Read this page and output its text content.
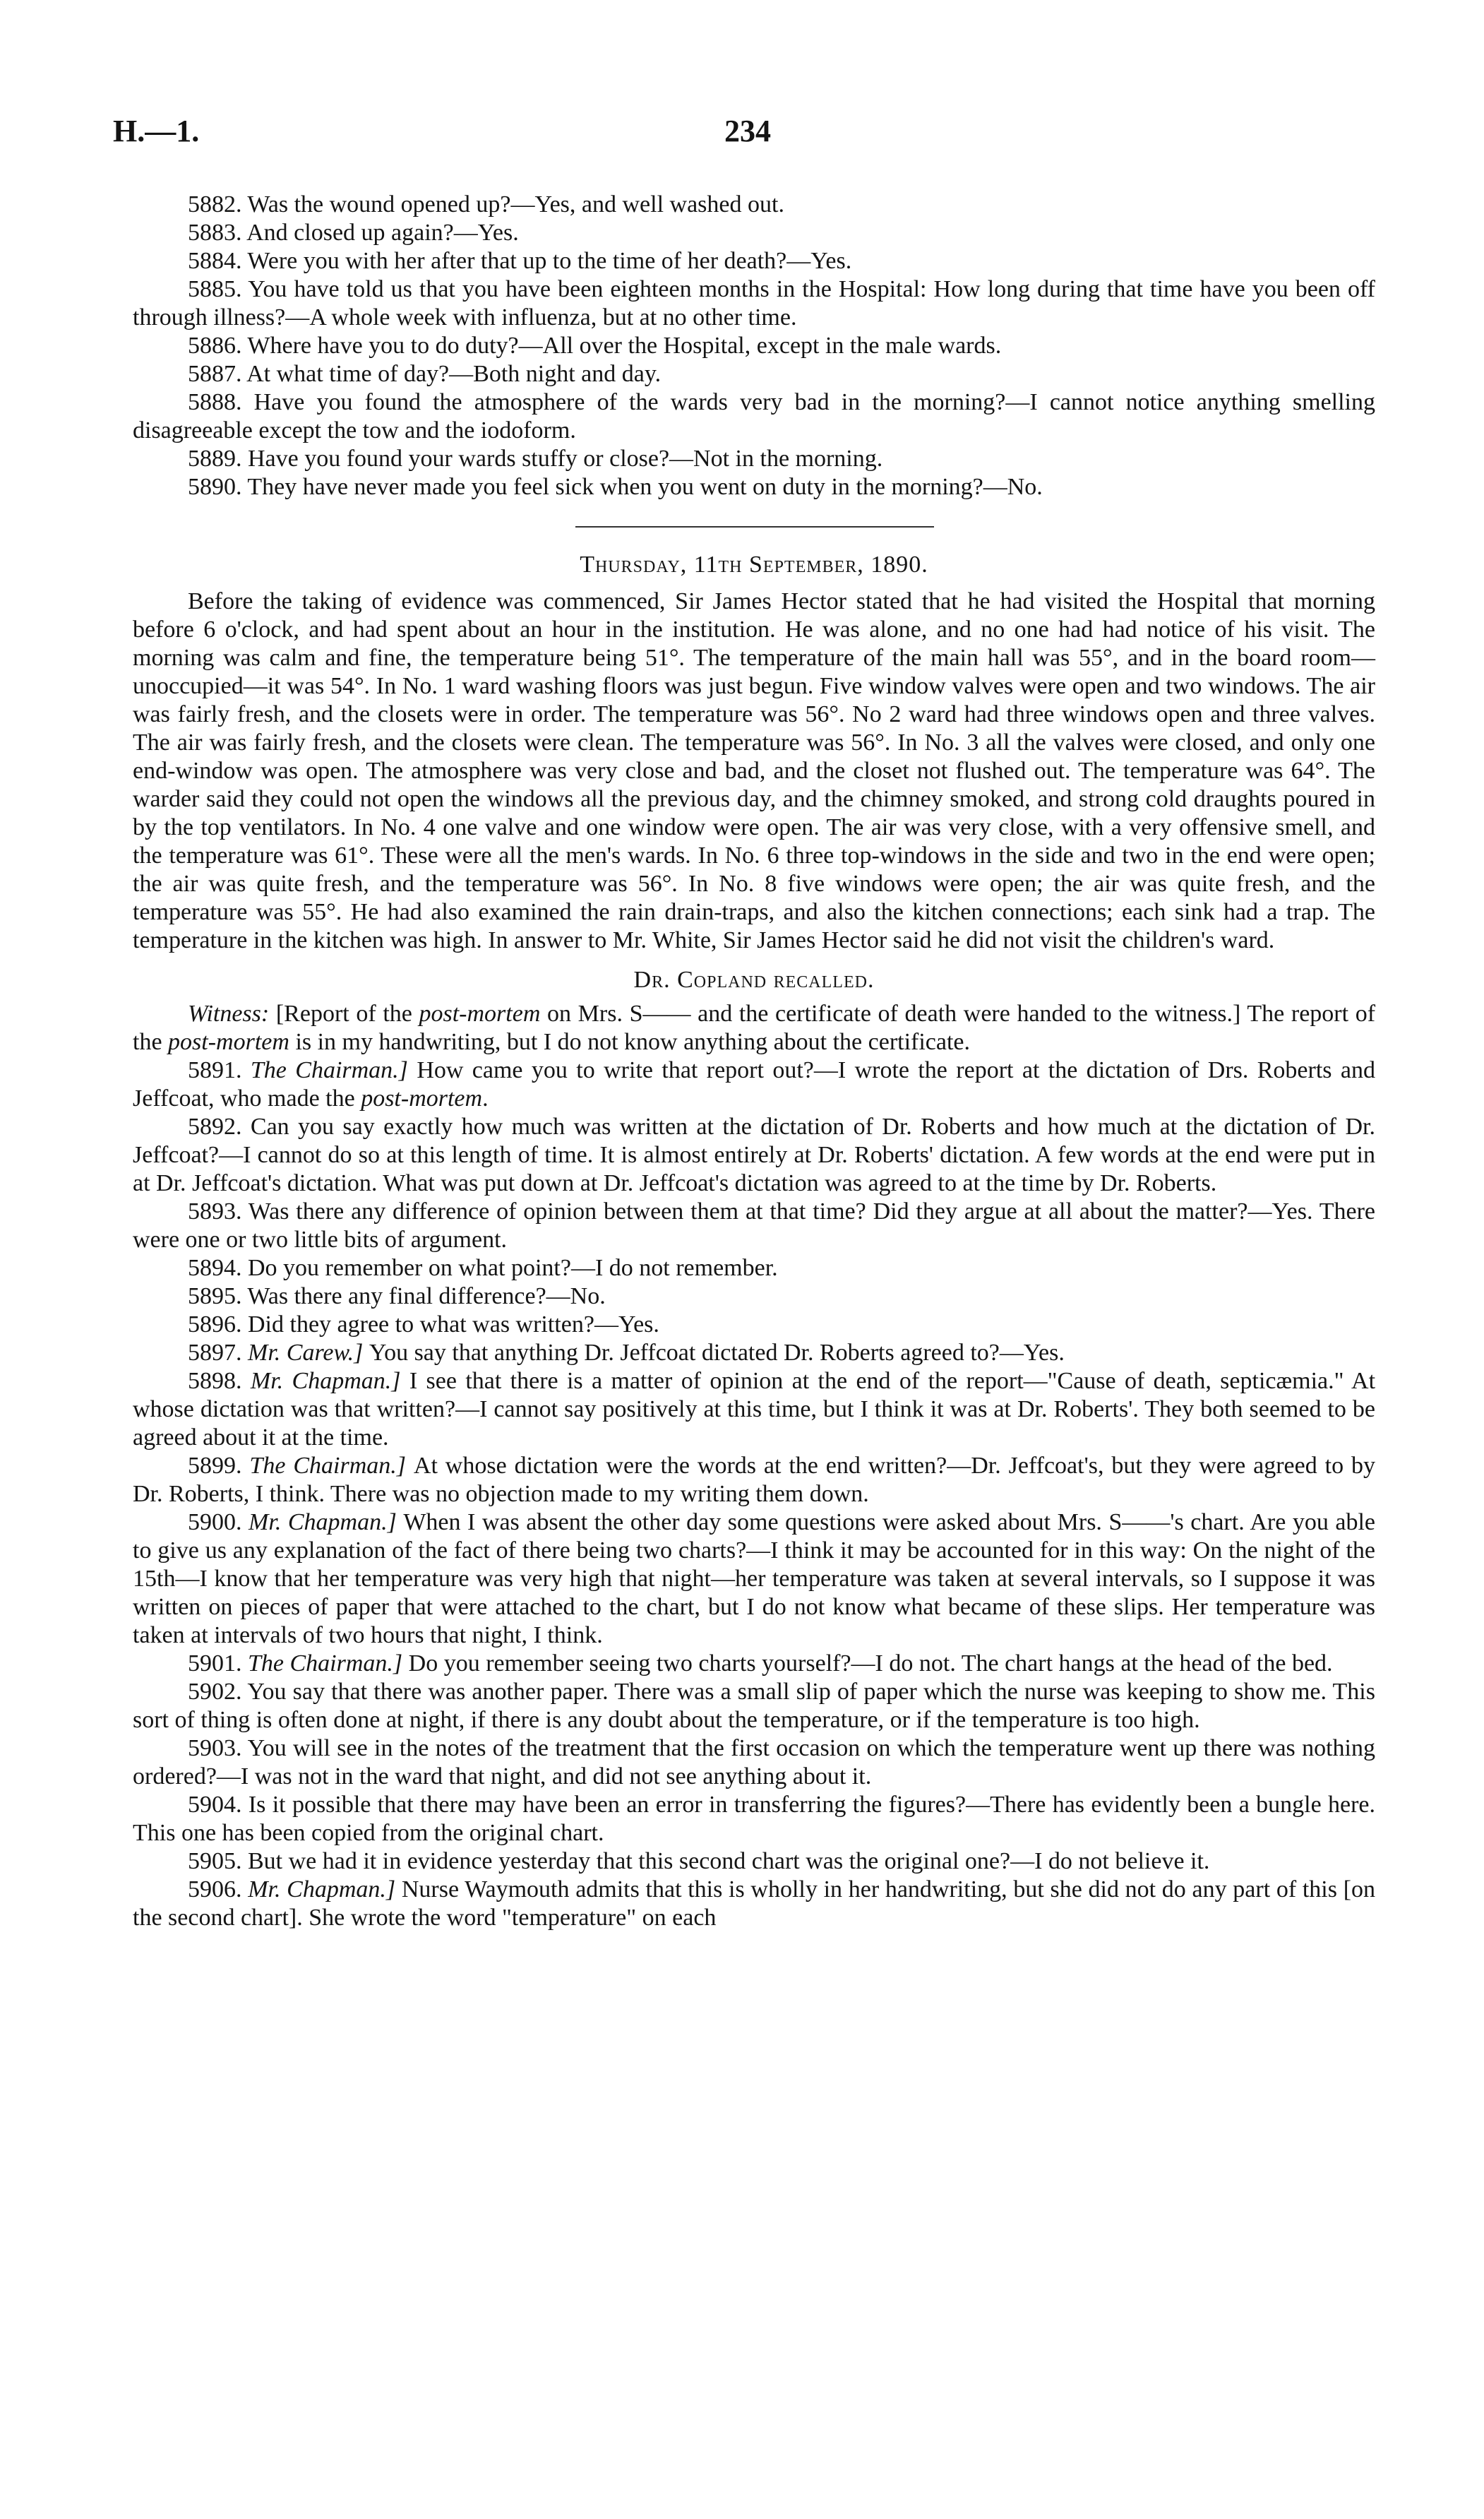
H.—1.	234

5882. Was the wound opened up?—Yes, and well washed out.

5883. And closed up again?—Yes.

5884. Were you with her after that up to the time of her death?—Yes.

5885. You have told us that you have been eighteen months in the Hospital: How long during that time have you been off through illness?—A whole week with influenza, but at no other time.

5886. Where have you to do duty?—All over the Hospital, except in the male wards.

5887. At what time of day?—Both night and day.

5888. Have you found the atmosphere of the wards very bad in the morning?—I cannot notice anything smelling disagreeable except the tow and the iodoform.

5889. Have you found your wards stuffy or close?—Not in the morning.

5890. They have never made you feel sick when you went on duty in the morning?—No.

Thursday, 11th September, 1890.

Before the taking of evidence was commenced, Sir James Hector stated that he had visited the Hospital that morning before 6 o'clock, and had spent about an hour in the institution. He was alone, and no one had had notice of his visit. The morning was calm and fine, the temperature being 51°. The temperature of the main hall was 55°, and in the board room—unoccupied—it was 54°. In No. 1 ward washing floors was just begun. Five window valves were open and two windows. The air was fairly fresh, and the closets were in order. The temperature was 56°. No 2 ward had three windows open and three valves. The air was fairly fresh, and the closets were clean. The temperature was 56°. In No. 3 all the valves were closed, and only one end-window was open. The atmosphere was very close and bad, and the closet not flushed out. The temperature was 64°. The warder said they could not open the windows all the previous day, and the chimney smoked, and strong cold draughts poured in by the top ventilators. In No. 4 one valve and one window were open. The air was very close, with a very offensive smell, and the temperature was 61°. These were all the men's wards. In No. 6 three top-windows in the side and two in the end were open; the air was quite fresh, and the temperature was 56°. In No. 8 five windows were open; the air was quite fresh, and the temperature was 55°. He had also examined the rain drain-traps, and also the kitchen connections; each sink had a trap. The temperature in the kitchen was high. In answer to Mr. White, Sir James Hector said he did not visit the children's ward.

Dr. Copland recalled.

Witness: [Report of the post-mortem on Mrs. S—— and the certificate of death were handed to the witness.] The report of the post-mortem is in my handwriting, but I do not know anything about the certificate.

5891. The Chairman.] How came you to write that report out?—I wrote the report at the dictation of Drs. Roberts and Jeffcoat, who made the post-mortem.

5892. Can you say exactly how much was written at the dictation of Dr. Roberts and how much at the dictation of Dr. Jeffcoat?—I cannot do so at this length of time. It is almost entirely at Dr. Roberts' dictation. A few words at the end were put in at Dr. Jeffcoat's dictation. What was put down at Dr. Jeffcoat's dictation was agreed to at the time by Dr. Roberts.

5893. Was there any difference of opinion between them at that time? Did they argue at all about the matter?—Yes. There were one or two little bits of argument.

5894. Do you remember on what point?—I do not remember.

5895. Was there any final difference?—No.

5896. Did they agree to what was written?—Yes.

5897. Mr. Carew.] You say that anything Dr. Jeffcoat dictated Dr. Roberts agreed to?—Yes.

5898. Mr. Chapman.] I see that there is a matter of opinion at the end of the report—"Cause of death, septicæmia." At whose dictation was that written?—I cannot say positively at this time, but I think it was at Dr. Roberts'. They both seemed to be agreed about it at the time.

5899. The Chairman.] At whose dictation were the words at the end written?—Dr. Jeffcoat's, but they were agreed to by Dr. Roberts, I think. There was no objection made to my writing them down.

5900. Mr. Chapman.] When I was absent the other day some questions were asked about Mrs. S——'s chart. Are you able to give us any explanation of the fact of there being two charts?—I think it may be accounted for in this way: On the night of the 15th—I know that her temperature was very high that night—her temperature was taken at several intervals, so I suppose it was written on pieces of paper that were attached to the chart, but I do not know what became of these slips. Her temperature was taken at intervals of two hours that night, I think.

5901. The Chairman.] Do you remember seeing two charts yourself?—I do not. The chart hangs at the head of the bed.

5902. You say that there was another paper. There was a small slip of paper which the nurse was keeping to show me. This sort of thing is often done at night, if there is any doubt about the temperature, or if the temperature is too high.

5903. You will see in the notes of the treatment that the first occasion on which the temperature went up there was nothing ordered?—I was not in the ward that night, and did not see anything about it.

5904. Is it possible that there may have been an error in transferring the figures?—There has evidently been a bungle here. This one has been copied from the original chart.

5905. But we had it in evidence yesterday that this second chart was the original one?—I do not believe it.

5906. Mr. Chapman.] Nurse Waymouth admits that this is wholly in her handwriting, but she did not do any part of this [on the second chart]. She wrote the word "temperature" on each
